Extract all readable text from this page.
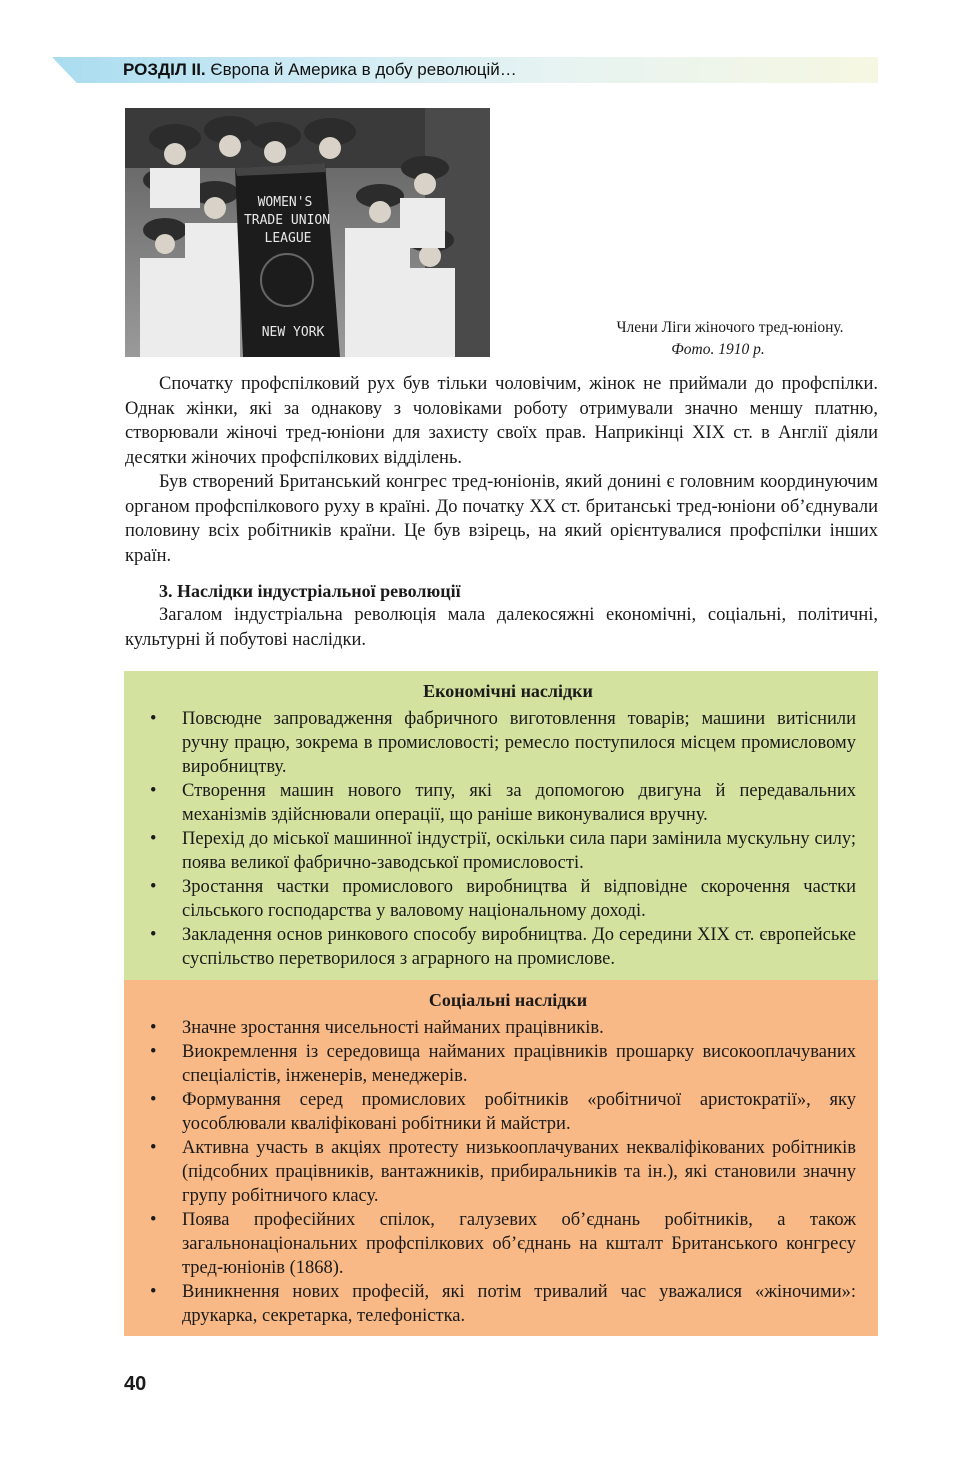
РОЗДІЛ ІІ. Європа й Америка в добу революцій…
WOMEN'S
TRADE UNION
LEAGUE
NEW YORK	Члени Ліги жіночого тред-юніону.
Фото. 1910 р.

Спочатку профспілковий рух був тільки чоловічим, жінок не приймали до профспілки. Однак жінки, які за однакову з чоловіками роботу отримували значно меншу платню, створювали жіночі тред-юніони для захисту своїх прав. Наприкінці XIX ст. в Англії діяли десятки жіночих профспілкових відділень.

Був створений Британський конгрес тред-юніонів, який донині є головним координуючим органом профспілкового руху в країні. До початку XX ст. британські тред-юніони об’єднували половину всіх робітників країни. Це був взірець, на який орієнтувалися профспілки інших країн.

3. Наслідки індустріальної революції

Загалом індустріальна революція мала далекосяжні економічні, соціальні, політичні, культурні й побутові наслідки.

Економічні наслідки
•	Повсюдне запровадження фабричного виготовлення товарів; машини витіснили ручну працю, зокрема в промисловості; ремесло поступилося місцем промисловому виробництву.
•	Створення машин нового типу, які за допомогою двигуна й передавальних механізмів здійснювали операції, що раніше виконувалися вручну.
•	Перехід до міської машинної індустрії, оскільки сила пари замінила мускульну силу; поява великої фабрично-заводської промисловості.
•	Зростання частки промислового виробництва й відповідне скорочення частки сільського господарства у валовому національному доході.
•	Закладення основ ринкового способу виробництва. До середини XIX ст. європейське суспільство перетворилося з аграрного на промислове.
Соціальні наслідки
•	Значне зростання чисельності найманих працівників.
•	Виокремлення із середовища найманих працівників прошарку високооплачуваних спеціалістів, інженерів, менеджерів.
•	Формування серед промислових робітників «робітничої аристократії», яку уособлювали кваліфіковані робітники й майстри.
•	Активна участь в акціях протесту низькооплачуваних некваліфікованих робітників (підсобних працівників, вантажників, прибиральників та ін.), які становили значну групу робітничого класу.
•	Поява професійних спілок, галузевих об’єднань робітників, а також загальнонаціональних профспілкових об’єднань на кшталт Британського конгресу тред-юніонів (1868).
•	Виникнення нових професій, які потім тривалий час уважалися «жіночими»: друкарка, секретарка, телефоністка.
40
